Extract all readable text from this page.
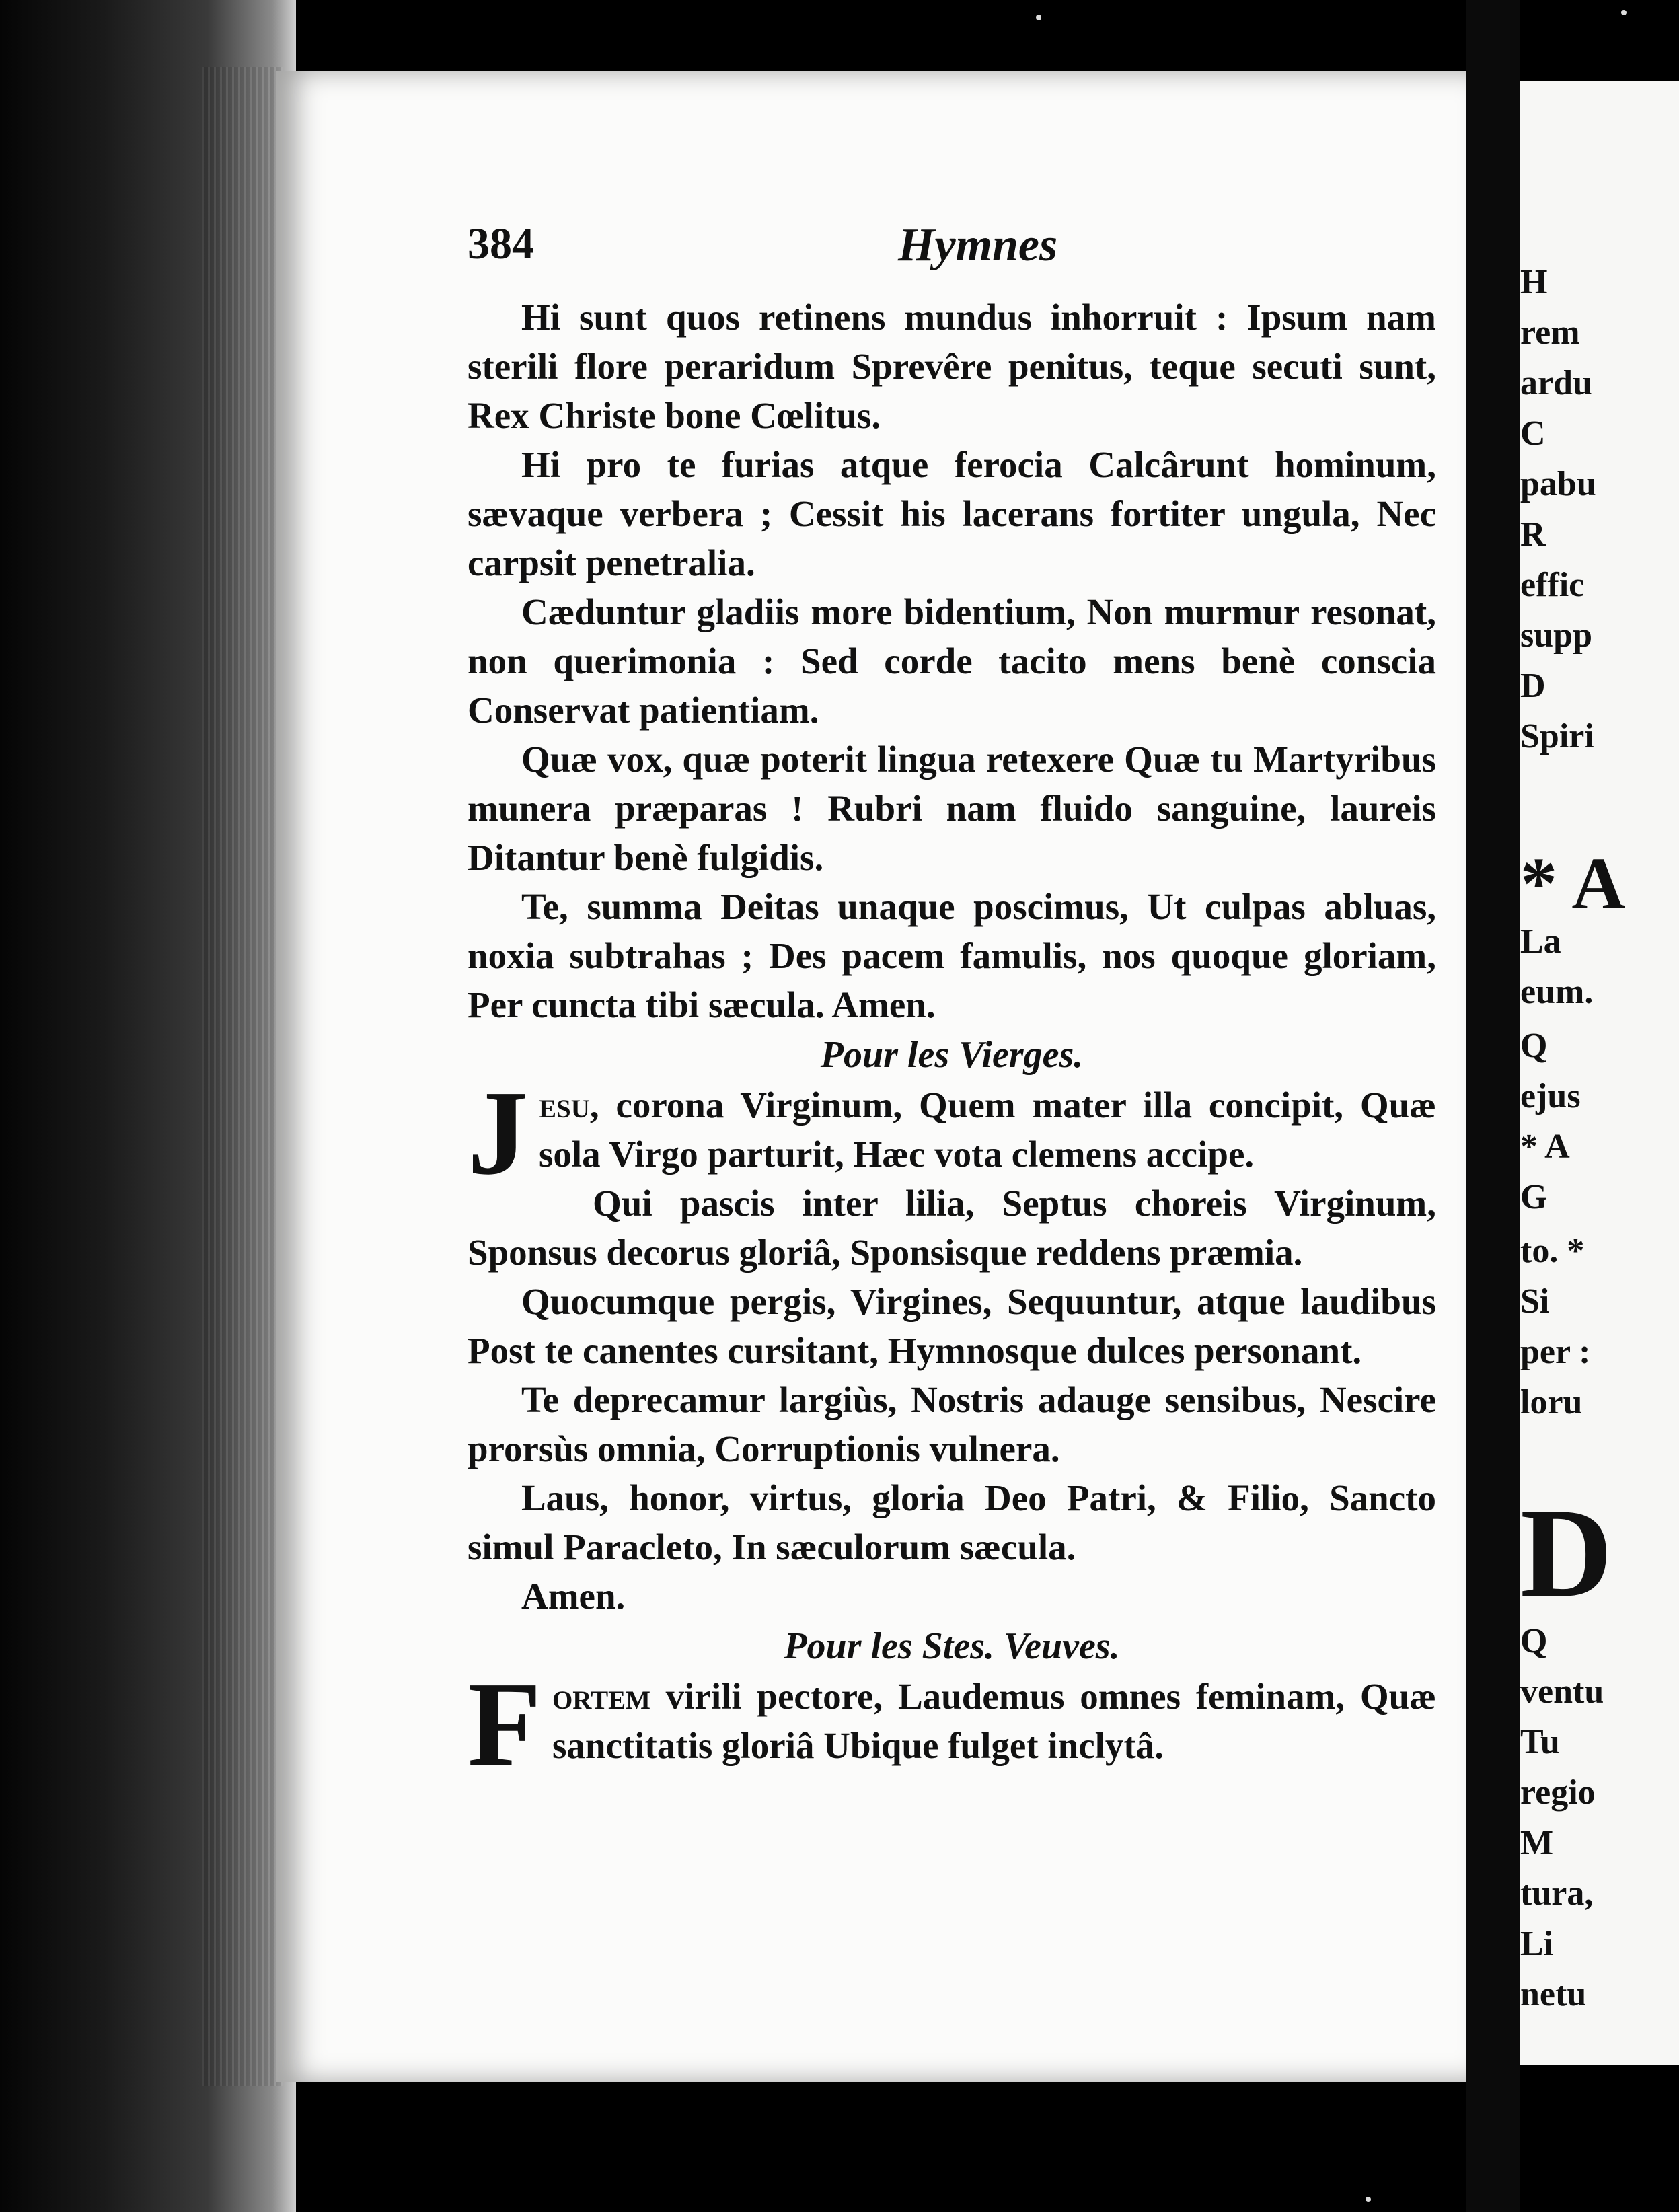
384	Hymnes

Hi sunt quos retinens mundus inhorruit : Ipsum nam sterili flore peraridum Sprevêre penitus, teque secuti sunt, Rex Christe bone Cœlitus.

Hi pro te furias atque ferocia Calcârunt hominum, sævaque verbera ; Cessit his lacerans fortiter ungula, Nec carpsit penetralia.

Cæduntur gladiis more bidentium, Non murmur resonat, non querimonia : Sed corde tacito mens benè conscia Conservat patientiam.

Quæ vox, quæ poterit lingua retexere Quæ tu Martyribus munera præparas ! Rubri nam fluido sanguine, laureis Ditantur benè fulgidis.

Te, summa Deitas unaque poscimus, Ut culpas abluas, noxia subtrahas ; Des pacem famulis, nos quoque gloriam, Per cuncta tibi sæcula. Amen.

Pour les Vierges.

Jesu, corona Virginum, Quem mater illa concipit, Quæ sola Virgo parturit, Hæc vota clemens accipe.

Qui pascis inter lilia, Septus choreis Virginum, Sponsus decorus gloriâ, Sponsisque reddens præmia.

Quocumque pergis, Virgines, Sequuntur, atque laudibus Post te canentes cursitant, Hymnosque dulces personant.

Te deprecamur largiùs, Nostris adauge sensibus, Nescire prorsùs omnia, Corruptionis vulnera.

Laus, honor, virtus, gloria Deo Patri, & Filio, Sancto simul Paracleto, In sæculorum sæcula.

Amen.

Pour les Stes. Veuves.

Fortem virili pectore, Laudemus omnes feminam, Quæ sanctitatis gloriâ Ubique fulget inclytâ.

H
rem
ardu
C
pabu
R
effic
supp
D
Spiri
* A
La
eum.
Q
ejus
* A
G
to. *
Si
per :
loru
D
Q
ventu
Tu
regio
M
tura,
Li
netu
